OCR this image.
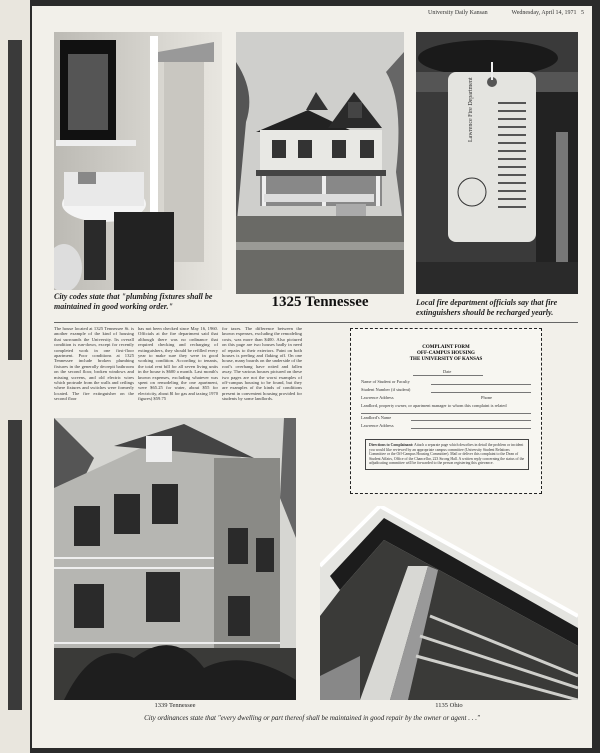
University Daily Kansan	Wednesday, April 14, 1971 5
City codes state that "plumbing fixtures shall be maintained in good working order."	1325 Tennessee
Lawrence Fire Department
Local fire department officials say that fire extinguishers should be recharged yearly.
The house located at 1325 Tennessee St. is another example of the kind of housing that surrounds the University. Its overall condition is run-down, except for recently completed work in one first-floor apartment. Poor conditions at 1325 Tennessee include broken plumbing fixtures in the generally decrepit bathroom on the second floor, broken windows and missing screens, and old electric wires which protrude from the walls and ceilings where fixtures and switches were formerly located. The fire extinguisher on the second floor
has not been checked since May 16, 1960. Officials at the fire department said that although there was no ordinance that required checking and recharging of extinguishers, they should be refilled every year to make sure they were in good working condition. According to tenants, the total rent bill for all seven living units in the house is $600 a month. Last month's known expenses, excluding whatever was spent on remodeling the one apartment, were $65.25 for water, about $55 for electricity, about $l for gas and taxing 1970 figures) $59.75
for taxes. The difference between the known expenses, excluding the remodeling costs, was more than $400. Also pictured on this page are two houses badly in need of repairs to their exteriors. Paint on both houses is peeling and flaking off. On one house, many boards on the underside of the roof's overhang have rotted and fallen away. The various houses pictured on these two pages are not the worst examples of off-campus housing to be found, but they are examples of the kinds of conditions present in convenient housing provided for students by some landlords.
COMPLAINT FORM
OFF-CAMPUS HOUSING
THE UNIVERSITY OF KANSAS
Date
Name of Student or Faculty
Student Number (if student)
Lawrence Address	Phone
Landlord, property owner, or apartment manager to whom this complaint is related
Landlord's Name
Lawrence Address
Directions to Complainant: Attach a separate page which describes in detail the problem or incident you would like reviewed by an appropriate campus committee (University Student Relations Committee or the Off-Campus Housing Committee). Mail or deliver this complaint to the Dean of Student Affairs, Office of the Chancellor, 223 Strong Hall. A written reply concerning the status of the adjudicating committee will be forwarded to the person registering this grievance.
1339 Tennessee	1135 Ohio
City ordinances state that "every dwelling or part thereof shall be maintained in good repair by the owner or agent . . ."
